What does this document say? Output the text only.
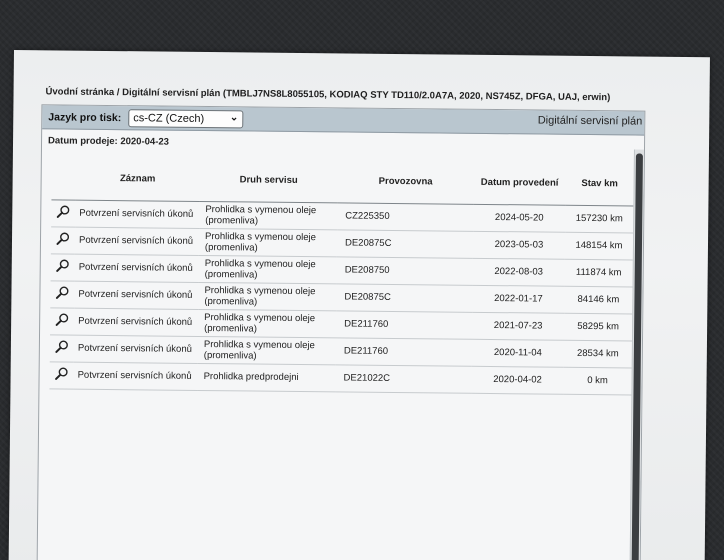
Úvodní stránka / Digitální servisní plán (TMBLJ7NS8L8055105, KODIAQ STY TD110/2.0A7A, 2020, NS745Z, DFGA, UAJ, erwin)
Jazyk pro tisk:	cs-CZ (Czech)	⌄	Digitální servisní plán
Datum prodeje: 2020-04-23
	Záznam	Druh servisu	Provozovna	Datum provedení	Stav km
	Potvrzení servisních úkonů	Prohlidka s vymenou oleje (promenliva)	CZ225350	2024-05-20	157230 km
	Potvrzení servisních úkonů	Prohlidka s vymenou oleje (promenliva)	DE20875C	2023-05-03	148154 km
	Potvrzení servisních úkonů	Prohlidka s vymenou oleje (promenliva)	DE208750	2022-08-03	111874 km
	Potvrzení servisních úkonů	Prohlidka s vymenou oleje (promenliva)	DE20875C	2022-01-17	84146 km
	Potvrzení servisních úkonů	Prohlidka s vymenou oleje (promenliva)	DE211760	2021-07-23	58295 km
	Potvrzení servisních úkonů	Prohlidka s vymenou oleje (promenliva)	DE211760	2020-11-04	28534 km
	Potvrzení servisních úkonů	Prohlidka predprodejni	DE21022C	2020-04-02	0 km
